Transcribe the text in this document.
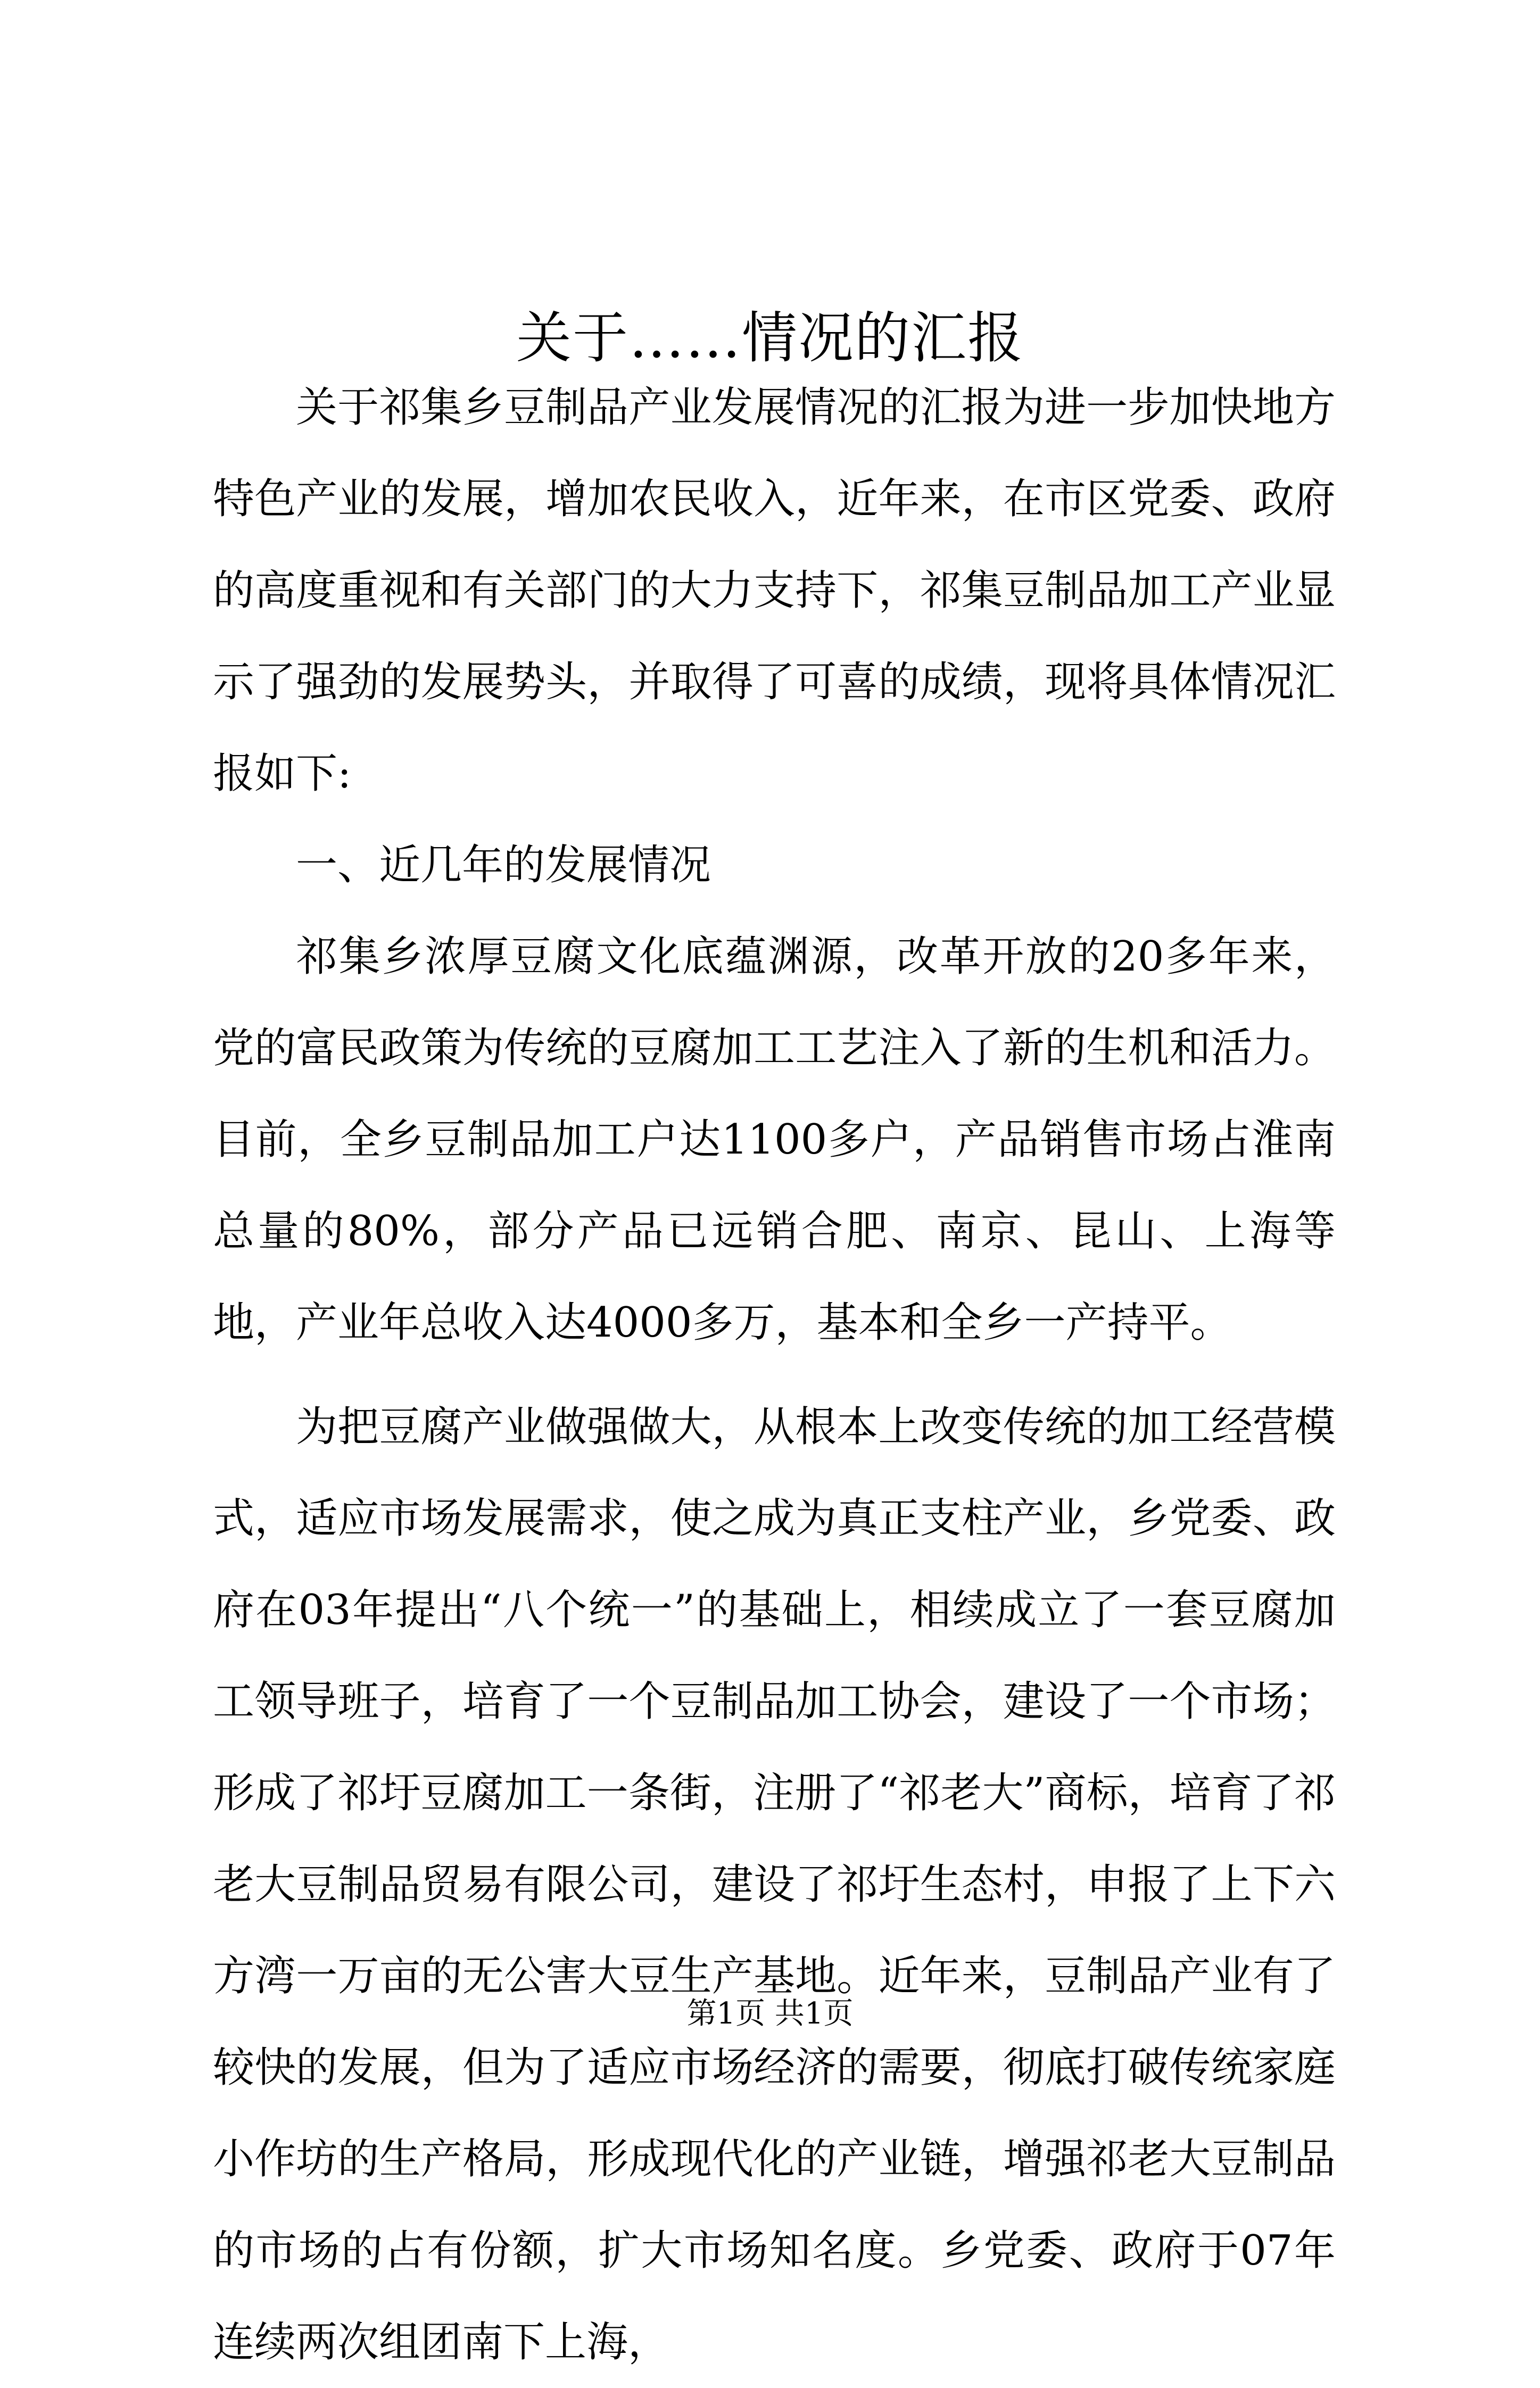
关于……情况的汇报

关于祁集乡豆制品产业发展情况的汇报为进一步加快地方特色产业的发展，增加农民收入，近年来，在市区党委、政府的高度重视和有关部门的大力支持下，祁集豆制品加工产业显示了强劲的发展势头，并取得了可喜的成绩，现将具体情况汇报如下:

一、近几年的发展情况

祁集乡浓厚豆腐文化底蕴渊源，改革开放的20多年来，党的富民政策为传统的豆腐加工工艺注入了新的生机和活力。目前，全乡豆制品加工户达1100多户，产品销售市场占淮南总量的80%，部分产品已远销合肥、南京、昆山、上海等地，产业年总收入达4000多万，基本和全乡一产持平。

为把豆腐产业做强做大，从根本上改变传统的加工经营模式，适应市场发展需求，使之成为真正支柱产业，乡党委、政府在03年提出“八个统一”的基础上，相续成立了一套豆腐加工领导班子，培育了一个豆制品加工协会，建设了一个市场；形成了祁圩豆腐加工一条街，注册了“祁老大”商标，培育了祁老大豆制品贸易有限公司，建设了祁圩生态村，申报了上下六方湾一万亩的无公害大豆生产基地。近年来，豆制品产业有了较快的发展，但为了适应市场经济的需要，彻底打破传统家庭小作坊的生产格局，形成现代化的产业链，增强祁老大豆制品的市场的占有份额，扩大市场知名度。乡党委、政府于07年连续两次组团南下上海，

第1页 共1页
